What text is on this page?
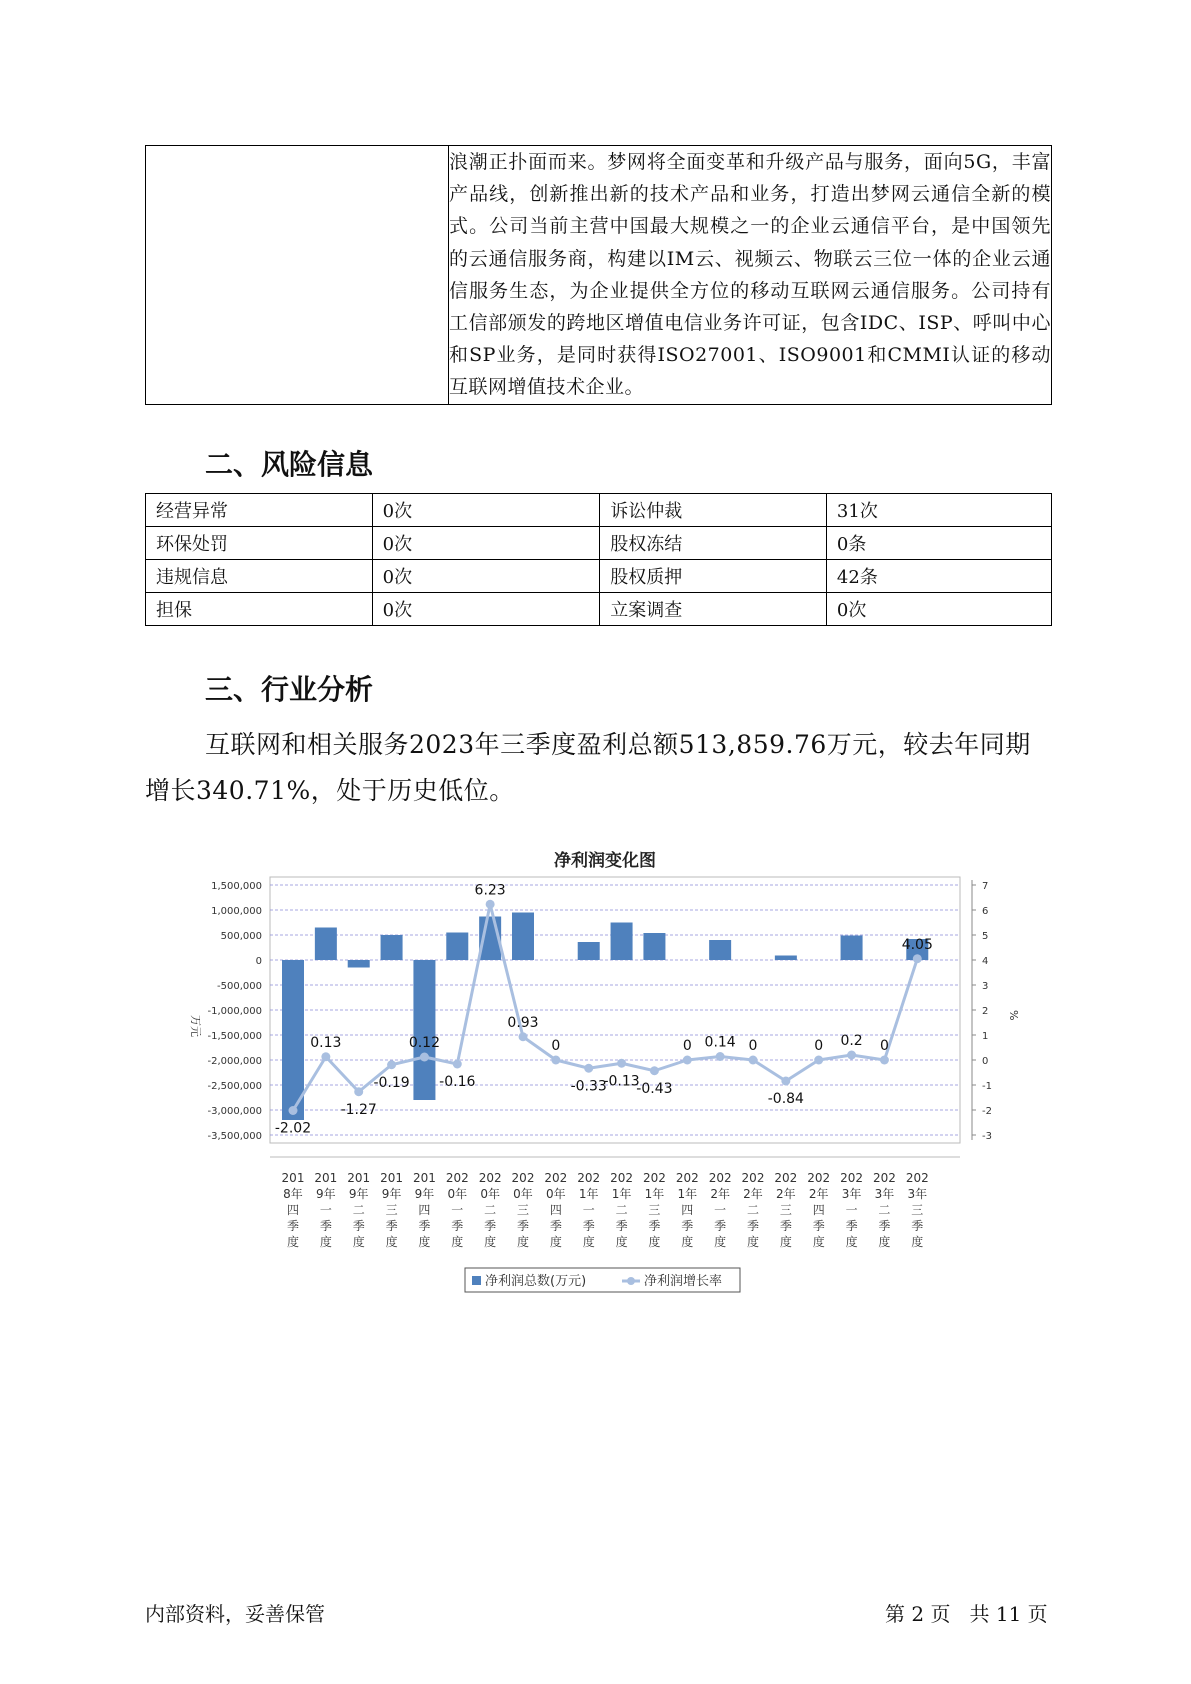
	浪潮正扑面而来。梦网将全面变革和升级产品与服务，面向5G，丰富产品线，创新推出新的技术产品和业务，打造出梦网云通信全新的模式。公司当前主营中国最大规模之一的企业云通信平台，是中国领先的云通信服务商，构建以IM云、视频云、物联云三位一体的企业云通信服务生态，为企业提供全方位的移动互联网云通信服务。公司持有工信部颁发的跨地区增值电信业务许可证，包含IDC、ISP、呼叫中心和SP业务，是同时获得ISO27001、ISO9001和CMMI认证的移动互联网增值技术企业。
二、风险信息
经营异常	0次	诉讼仲裁	31次
环保处罚	0次	股权冻结	0条
违规信息	0次	股权质押	42条
担保	0次	立案调查	0次
三、行业分析
互联网和相关服务2023年三季度盈利总额513,859.76万元，较去年同期增长340.71%，处于历史低位。
净利润变化图
1,500,000
1,000,000
500,000
0
-500,000
-1,000,000
-1,500,000
-2,000,000
-2,500,000
-3,000,000
-3,500,000
7
6
5
4
3
2
1
0
-1
-2
-3
万元	%
-2.02
0.13
-1.27
-0.19
0.12
-0.16
6.23
0.93
0
-0.33
-0.13
-0.43
0 0.14 0
-0.84
0 0.2 0
4.05
201 8年四季度
201 9年一季度
201 9年二季度
201 9年三季度
201 9年四季度
202 0年一季度
202 0年二季度
202 0年三季度
202 0年四季度
202 1年一季度
202 1年二季度
202 1年三季度
202 1年四季度
202 2年一季度
202 2年二季度
202 2年三季度
202 2年四季度
202 3年一季度
202 3年二季度
202 3年三季度
净利润总数(万元)	净利润增长率
内部资料，妥善保管	第 2 页   共 11 页
